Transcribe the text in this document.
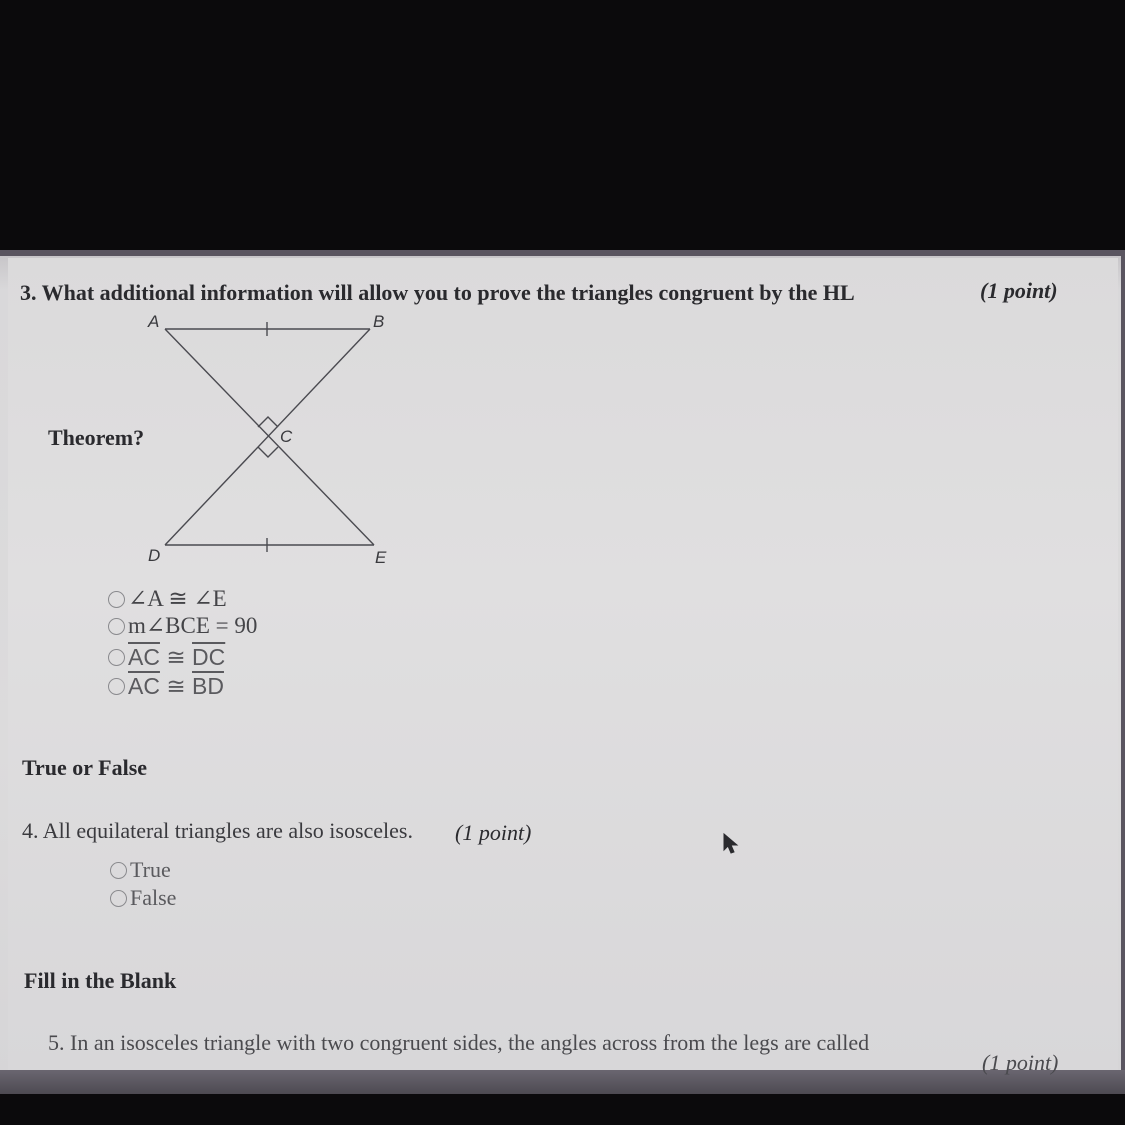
3. What additional information will allow you to prove the triangles congruent by the HL	(1 point)
Theorem?
A	B
C
D	E
∠A ≅ ∠E
m∠BCE = 90
$\overline{AC}$ ≅ $\overline{DC}$
$\overline{AC}$ ≅ $\overline{BD}$
True or False
4. All equilateral triangles are also isosceles. (1 point)
True
False
Fill in the Blank
5. In an isosceles triangle with two congruent sides, the angles across from the legs are called
(1 point)
